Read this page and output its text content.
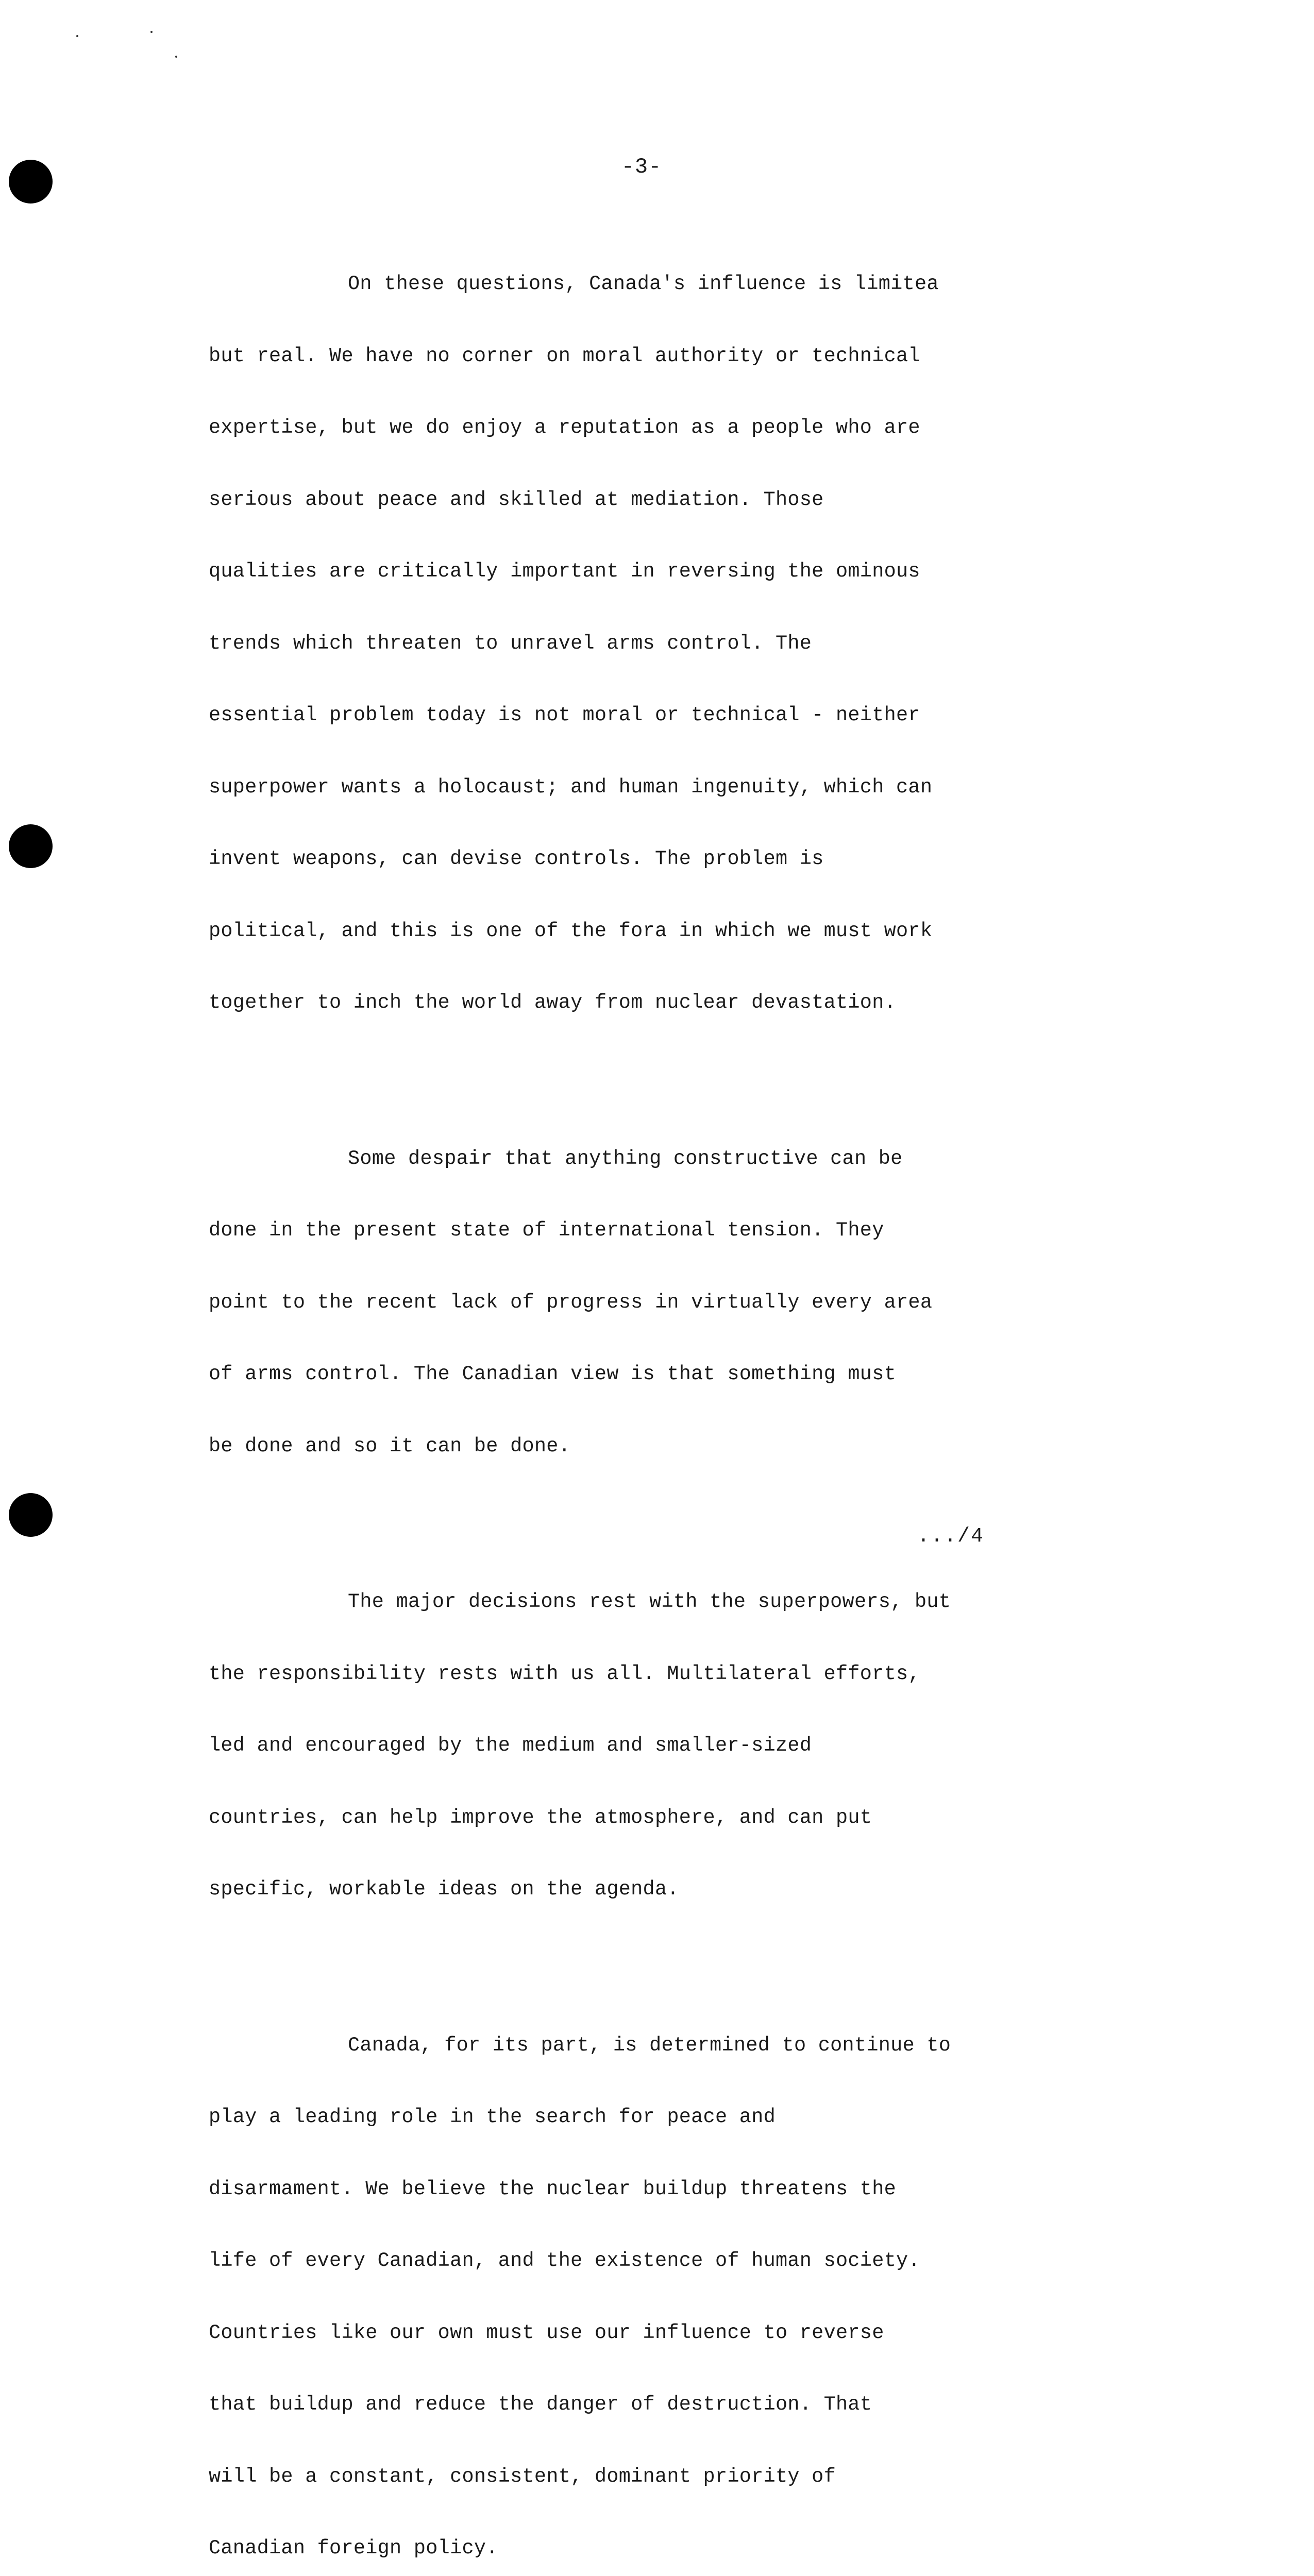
-3-

On these questions, Canada's influence is limitea

but real. We have no corner on moral authority or technical

expertise, but we do enjoy a reputation as a people who are

serious about peace and skilled at mediation. Those

qualities are critically important in reversing the ominous

trends which threaten to unravel arms control. The

essential problem today is not moral or technical - neither

superpower wants a holocaust; and human ingenuity, which can

invent weapons, can devise controls. The problem is

political, and this is one of the fora in which we must work

together to inch the world away from nuclear devastation.

Some despair that anything constructive can be

done in the present state of international tension. They

point to the recent lack of progress in virtually every area

of arms control. The Canadian view is that something must

be done and so it can be done.

The major decisions rest with the superpowers, but

the responsibility rests with us all. Multilateral efforts,

led and encouraged by the medium and smaller-sized

countries, can help improve the atmosphere, and can put

specific, workable ideas on the agenda.

Canada, for its part, is determined to continue to

play a leading role in the search for peace and

disarmament. We believe the nuclear buildup threatens the

life of every Canadian, and the existence of human society.

Countries like our own must use our influence to reverse

that buildup and reduce the danger of destruction. That

will be a constant, consistent, dominant priority of

Canadian foreign policy.

.../4
